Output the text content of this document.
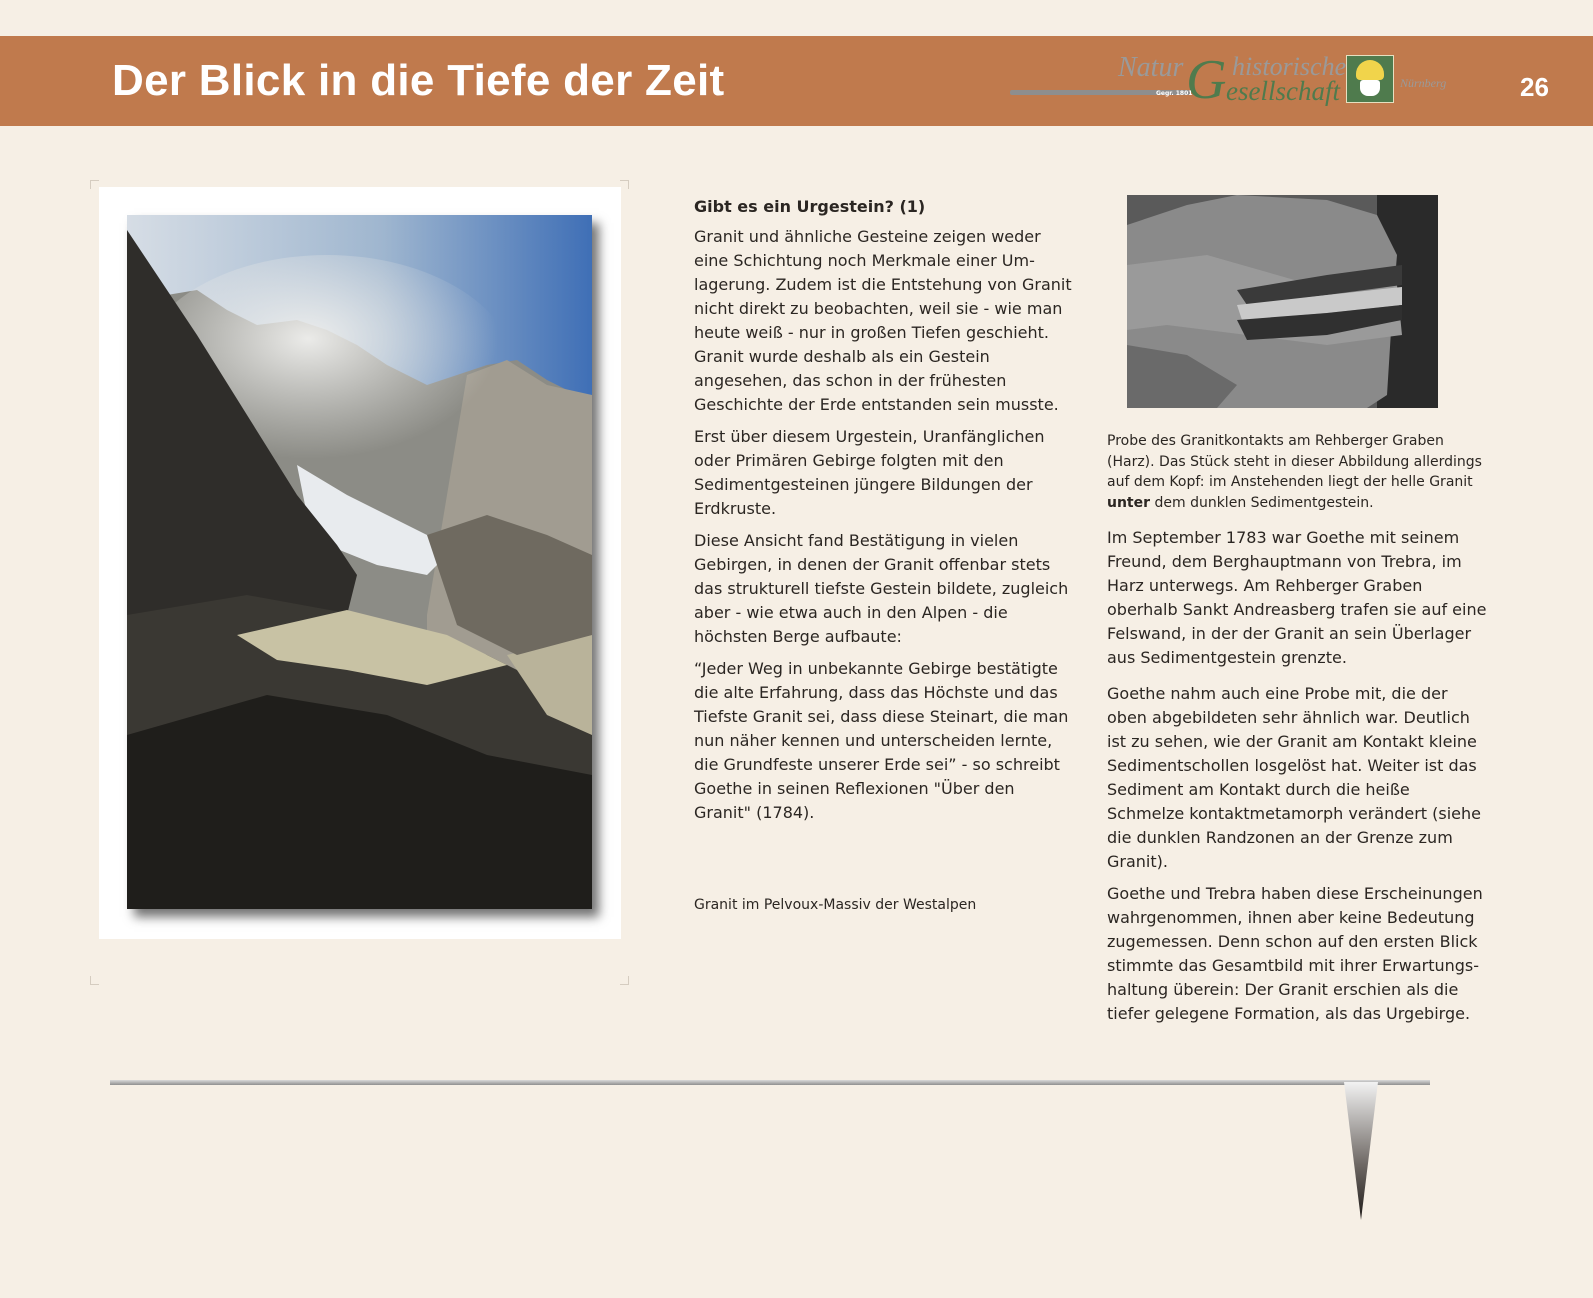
Der Blick in die Tiefe der Zeit	Natur G historische
esellschaft
Gegr. 1801
Nürnberg	26

Gibt es ein Urgestein? (1)

Granit und ähnliche Gesteine zeigen weder eine Schichtung noch Merkmale einer Um-lagerung. Zudem ist die Entstehung von Granit nicht direkt zu beobachten, weil sie - wie man heute weiß - nur in großen Tiefen geschieht. Granit wurde deshalb als ein Gestein angesehen, das schon in der frühesten Geschichte der Erde entstanden sein musste.

Erst über diesem Urgestein, Uranfänglichen oder Primären Gebirge folgten mit den Sedimentgesteinen jüngere Bildungen der Erdkruste.

Diese Ansicht fand Bestätigung in vielen Gebirgen, in denen der Granit offenbar stets das strukturell tiefste Gestein bildete, zugleich aber - wie etwa auch in den Alpen - die höchsten Berge aufbaute:

“Jeder Weg in unbekannte Gebirge bestätigte die alte Erfahrung, dass das Höchste und das Tiefste Granit sei, dass diese Steinart, die man nun näher kennen und unterscheiden lernte, die Grundfeste unserer Erde sei” - so schreibt Goethe in seinen Reflexionen "Über den Granit" (1784).

Granit im Pelvoux-Massiv der Westalpen
Probe des Granitkontakts am Rehberger Graben (Harz). Das Stück steht in dieser Abbildung allerdings auf dem Kopf: im Anstehenden liegt der helle Granit unter dem dunklen Sedimentgestein.

Im September 1783 war Goethe mit seinem Freund, dem Berghauptmann von Trebra, im Harz unterwegs. Am Rehberger Graben oberhalb Sankt Andreasberg trafen sie auf eine Felswand, in der der Granit an sein Überlager aus Sedimentgestein grenzte.

Goethe nahm auch eine Probe mit, die der oben abgebildeten sehr ähnlich war. Deutlich ist zu sehen, wie der Granit am Kontakt kleine Sedimentschollen losgelöst hat. Weiter ist das Sediment am Kontakt durch die heiße Schmelze kontaktmetamorph verändert (siehe die dunklen Randzonen an der Grenze zum Granit).

Goethe und Trebra haben diese Erscheinungen wahrgenommen, ihnen aber keine Bedeutung zugemessen. Denn schon auf den ersten Blick stimmte das Gesamtbild mit ihrer Erwartungs-haltung überein: Der Granit erschien als die tiefer gelegene Formation, als das Urgebirge.
